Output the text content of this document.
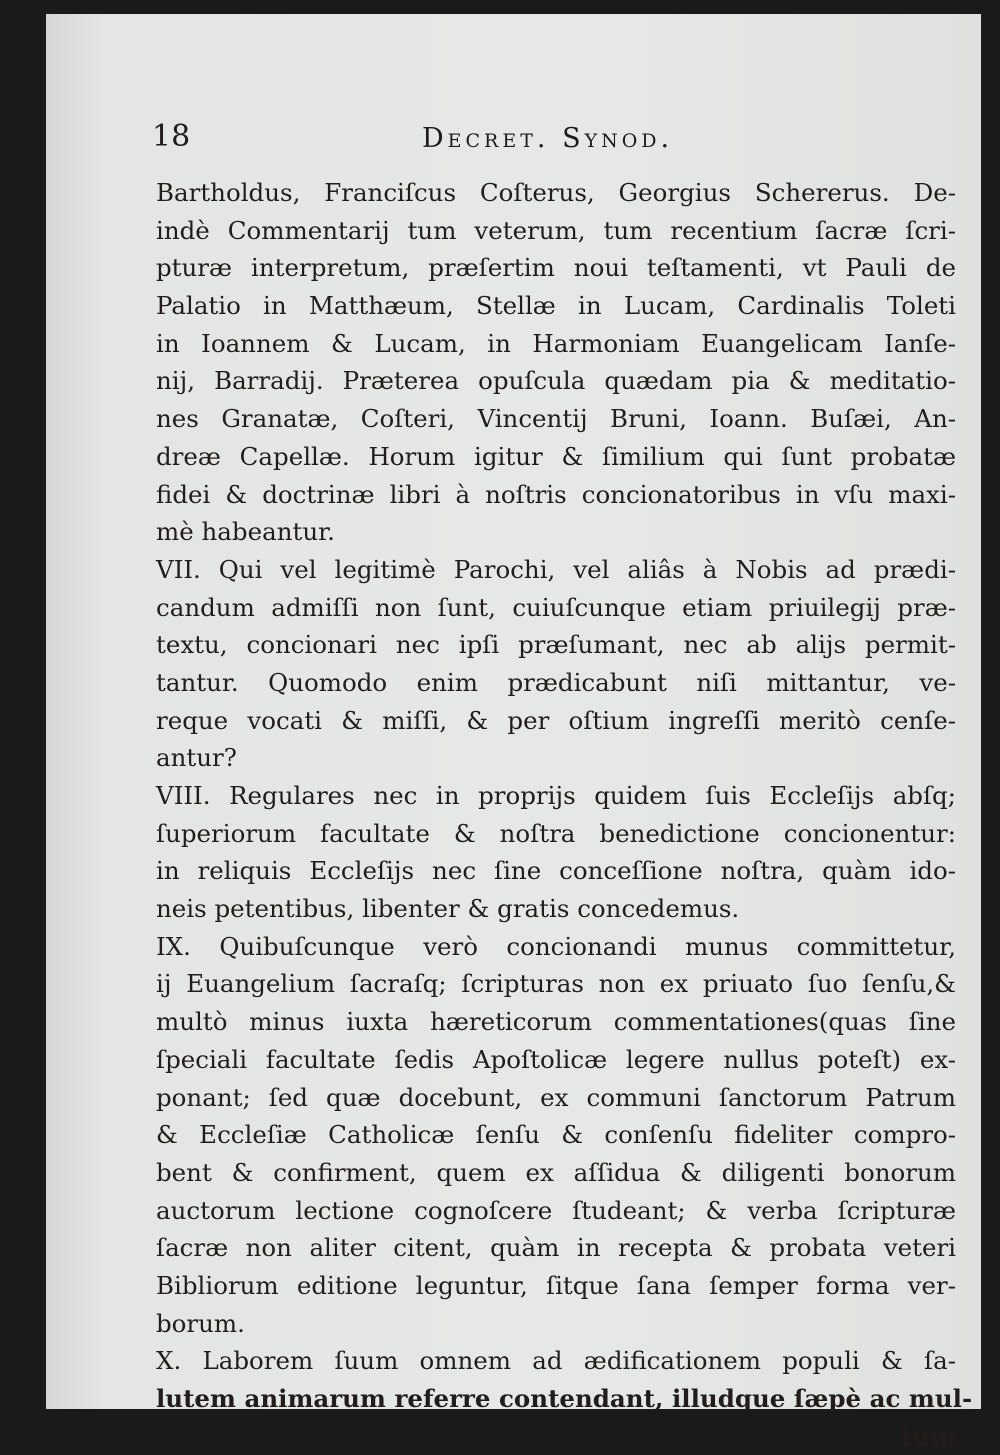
18	Decret. Synod.
Bartholdus, Franciſcus Coſterus, Georgius Schererus. De-
indè Commentarij tum veterum, tum recentium ſacræ ſcri-
pturæ interpretum, præſertim noui teſtamenti, vt Pauli de
Palatio in Matthæum, Stellæ in Lucam, Cardinalis Toleti
in Ioannem & Lucam, in Harmoniam Euangelicam Ianſe-
nij, Barradij. Præterea opuſcula quædam pia & meditatio-
nes Granatæ, Coſteri, Vincentij Bruni, Ioann. Buſæi, An-
dreæ Capellæ. Horum igitur & ſimilium qui ſunt probatæ
fidei & doctrinæ libri à noſtris concionatoribus in vſu maxi-
mè habeantur.
VII. Qui vel legitimè Parochi, vel aliâs à Nobis ad prædi-
candum admiſſi non ſunt, cuiuſcunque etiam priuilegij præ-
textu, concionari nec ipſi præſumant, nec ab alijs permit-
tantur. Quomodo enim prædicabunt niſi mittantur, ve-
reque vocati & miſſi, & per oſtium ingreſſi meritò cenſe-
antur?
VIII. Regulares nec in proprijs quidem ſuis Eccleſijs abſq;
ſuperiorum facultate & noſtra benedictione concionentur:
in reliquis Eccleſijs nec ſine conceſſione noſtra, quàm ido-
neis petentibus, libenter & gratis concedemus.
IX. Quibuſcunque verò concionandi munus committetur,
ij Euangelium ſacraſq; ſcripturas non ex priuato ſuo ſenſu,&
multò minus iuxta hæreticorum commentationes(quas ſine
ſpeciali facultate ſedis Apoſtolicæ legere nullus poteſt) ex-
ponant; ſed quæ docebunt, ex communi ſanctorum Patrum
& Eccleſiæ Catholicæ ſenſu & conſenſu fideliter compro-
bent & confirment, quem ex aſſidua & diligenti bonorum
auctorum lectione cognoſcere ſtudeant; & verba ſcripturæ
ſacræ non aliter citent, quàm in recepta & probata veteri
Bibliorum editione leguntur, ſitque ſana ſemper forma ver-
borum.
X. Laborem ſuum omnem ad ædificationem populi & ſa-
lutem animarum referre contendant, illudque ſæpè ac mul-
tum
